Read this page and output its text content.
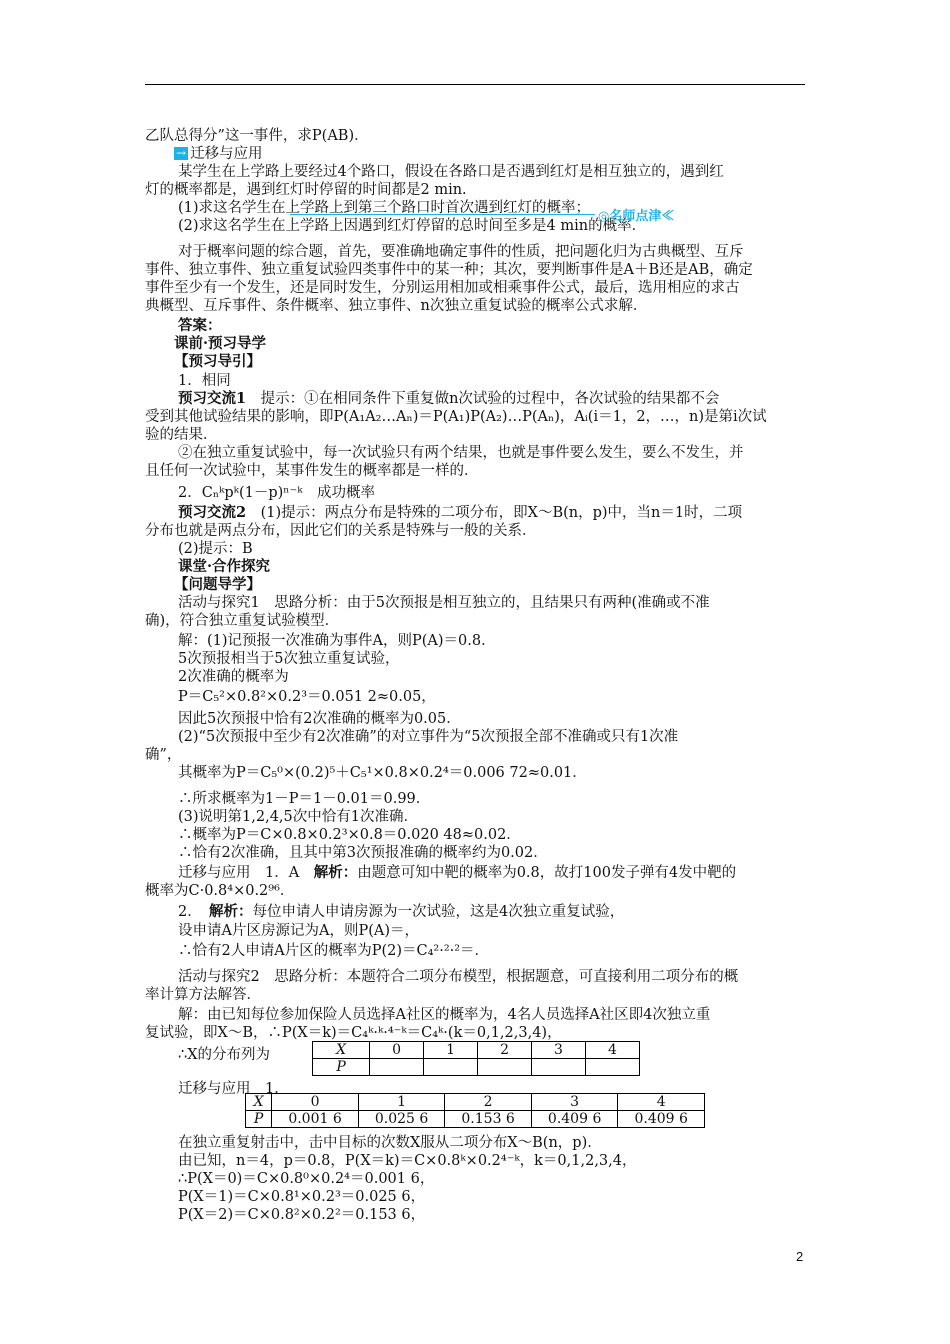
乙队总得分”这一事件，求P(AB)．
→ 迁移与应用
某学生在上学路上要经过4个路口，假设在各路口是否遇到红灯是相互独立的，遇到红
灯的概率都是，遇到红灯时停留的时间都是2 min.
(1)求这名学生在上学路上到第三个路口时首次遇到红灯的概率；
(2)求这名学生在上学路上因遇到红灯停留的总时间至多是4 min的概率．
对于概率问题的综合题，首先，要准确地确定事件的性质，把问题化归为古典概型、互斥
事件、独立事件、独立重复试验四类事件中的某一种；其次，要判断事件是A＋B还是AB，确定
事件至少有一个发生，还是同时发生，分别运用相加或相乘事件公式，最后，选用相应的求古
典概型、互斥事件、条件概率、独立事件、n次独立重复试验的概率公式求解．
答案：
课前·预习导学
【预习导引】
1．相同
预习交流1　提示：①在相同条件下重复做n次试验的过程中，各次试验的结果都不会
受到其他试验结果的影响，即P(A₁A₂…Aₙ)＝P(A₁)P(A₂)…P(Aₙ)，Aᵢ(i＝1，2，…，n)是第i次试
验的结果．
②在独立重复试验中，每一次试验只有两个结果，也就是事件要么发生，要么不发生，并
且任何一次试验中，某事件发生的概率都是一样的．
2．Cₙᵏpᵏ(1－p)ⁿ⁻ᵏ　成功概率
预习交流2　(1)提示：两点分布是特殊的二项分布，即X～B(n，p)中，当n＝1时，二项
分布也就是两点分布，因此它们的关系是特殊与一般的关系．
(2)提示：B
课堂·合作探究
【问题导学】
活动与探究1　思路分析：由于5次预报是相互独立的，且结果只有两种(准确或不准
确)，符合独立重复试验模型．
解：(1)记预报一次准确为事件A，则P(A)＝0.8．
5次预报相当于5次独立重复试验，
2次准确的概率为
P＝C₅²×0.8²×0.2³＝0.051 2≈0.05，
因此5次预报中恰有2次准确的概率为0.05．
(2)“5次预报中至少有2次准确”的对立事件为“5次预报全部不准确或只有1次准
确”，
其概率为P＝C₅⁰×(0.2)⁵＋C₅¹×0.8×0.2⁴＝0.006 72≈0.01．
∴所求概率为1－P＝1－0.01＝0.99．
(3)说明第1,2,4,5次中恰有1次准确．
∴概率为P＝C×0.8×0.2³×0.8＝0.020 48≈0.02．
∴恰有2次准确，且其中第3次预报准确的概率约为0.02．
迁移与应用　1．A　解析：由题意可知中靶的概率为0.8，故打100发子弹有4发中靶的
概率为C·0.8⁴×0.2⁹⁶．
2．　解析：每位申请人申请房源为一次试验，这是4次独立重复试验，
设申请A片区房源记为A，则P(A)＝，
∴恰有2人申请A片区的概率为P(2)＝C₄²·²·²＝．
活动与探究2　思路分析：本题符合二项分布模型，根据题意，可直接利用二项分布的概
率计算方法解答．
解：由已知每位参加保险人员选择A社区的概率为，4名人员选择A社区即4次独立重
复试验，即X～B，∴P(X＝k)＝C₄ᵏ·ᵏ·⁴⁻ᵏ＝C₄ᵏ·(k＝0,1,2,3,4)，
∴X的分布列为
迁移与应用　1．
在独立重复射击中，击中目标的次数X服从二项分布X～B(n，p)．
由已知，n＝4，p＝0.8，P(X＝k)＝C×0.8ᵏ×0.2⁴⁻ᵏ，k＝0,1,2,3,4，
∴P(X＝0)＝C×0.8⁰×0.2⁴＝0.001 6，
P(X＝1)＝C×0.8¹×0.2³＝0.025 6，
P(X＝2)＝C×0.8²×0.2²＝0.153 6，
◎名师点津≪
X	0	1	2	3	4
P					
X	0	1	2	3	4
P	0.001 6	0.025 6	0.153 6	0.409 6	0.409 6
2
